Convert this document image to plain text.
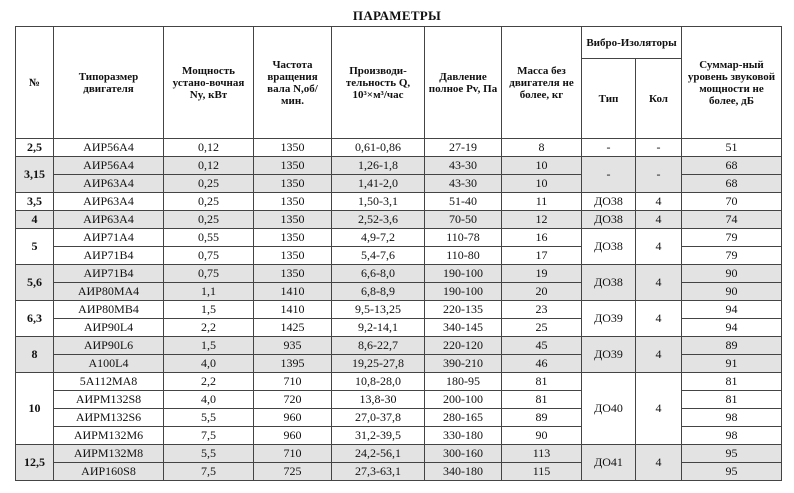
ПАРАМЕТРЫ
№	Типоразмер двигателя	Мощность устано-вочная Ny, кВт	Частота вращения вала N,об/мин.	Производи-тельность Q, 10³×м³/час	Давление полное Pv, Па	Масса без двигателя не более, кг	Вибро-Изоляторы		Суммар-ный уровень звуковой мощности не более, дБ
							Тип	Кол	
2,5	АИР56А4	0,12	1350	0,61-0,86	27-19	8	-	-	51
3,15	АИР56А4	0,12	1350	1,26-1,8	43-30	10	-	-	68
	АИР63А4	0,25	1350	1,41-2,0	43-30	10			68
3,5	АИР63А4	0,25	1350	1,50-3,1	51-40	11	ДО38	4	70
4	АИР63А4	0,25	1350	2,52-3,6	70-50	12	ДО38	4	74
5	АИР71А4	0,55	1350	4,9-7,2	110-78	16	ДО38	4	79
	АИР71В4	0,75	1350	5,4-7,6	110-80	17			79
5,6	АИР71В4	0,75	1350	6,6-8,0	190-100	19	ДО38	4	90
	АИР80МА4	1,1	1410	6,8-8,9	190-100	20			90
6,3	АИР80МВ4	1,5	1410	9,5-13,25	220-135	23	ДО39	4	94
	АИР90L4	2,2	1425	9,2-14,1	340-145	25			94
8	АИР90L6	1,5	935	8,6-22,7	220-120	45	ДО39	4	89
	А100L4	4,0	1395	19,25-27,8	390-210	46			91
10	5А112МА8	2,2	710	10,8-28,0	180-95	81	ДО40	4	81
	АИРМ132S8	4,0	720	13,8-30	200-100	81			81
	АИРМ132S6	5,5	960	27,0-37,8	280-165	89			98
	АИРМ132М6	7,5	960	31,2-39,5	330-180	90			98
12,5	АИРМ132М8	5,5	710	24,2-56,1	300-160	113	ДО41	4	95
	АИР160S8	7,5	725	27,3-63,1	340-180	115			95
